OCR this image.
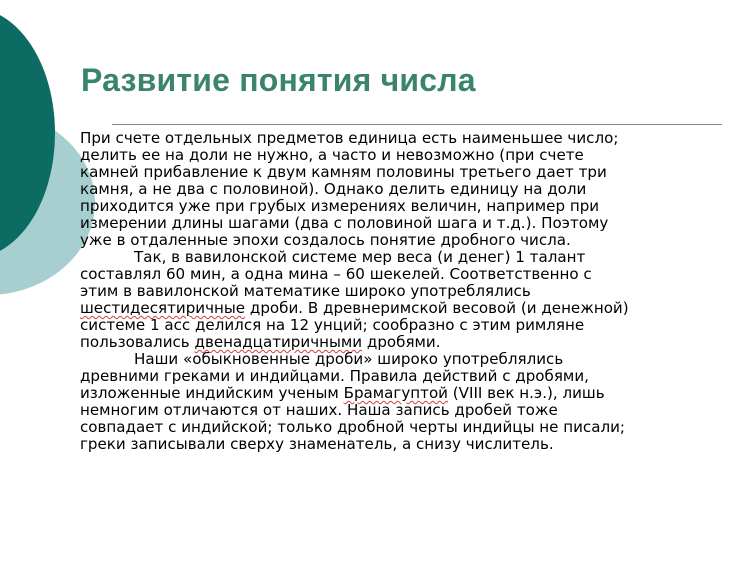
Развитие понятия числа
При счете отдельных предметов единица есть наименьшее число;
делить ее на доли не нужно, а часто и невозможно (при счете
камней прибавление к двум камням половины третьего дает три
камня, а не два с половиной). Однако делить единицу на доли
приходится уже при грубых измерениях величин, например при
измерении длины шагами (два с половиной шага и т.д.). Поэтому
уже в отдаленные эпохи создалось понятие дробного числа.
Так, в вавилонской системе мер веса (и денег) 1 талант
составлял 60 мин, а одна мина – 60 шекелей. Соответственно с
этим в вавилонской математике широко употреблялись
шестидесятиричные дроби. В древнеримской весовой (и денежной)
системе 1 асс делился на 12 унций; сообразно с этим римляне
пользовались двенадцатиричными дробями.
Наши «обыкновенные дроби» широко употреблялись
древними греками и индийцами. Правила действий с дробями,
изложенные индийским ученым Брамагуптой (VIII век н.э.), лишь
немногим отличаются от наших. Наша запись дробей тоже
совпадает с индийской; только дробной черты индийцы не писали;
греки записывали сверху знаменатель, а снизу числитель.
